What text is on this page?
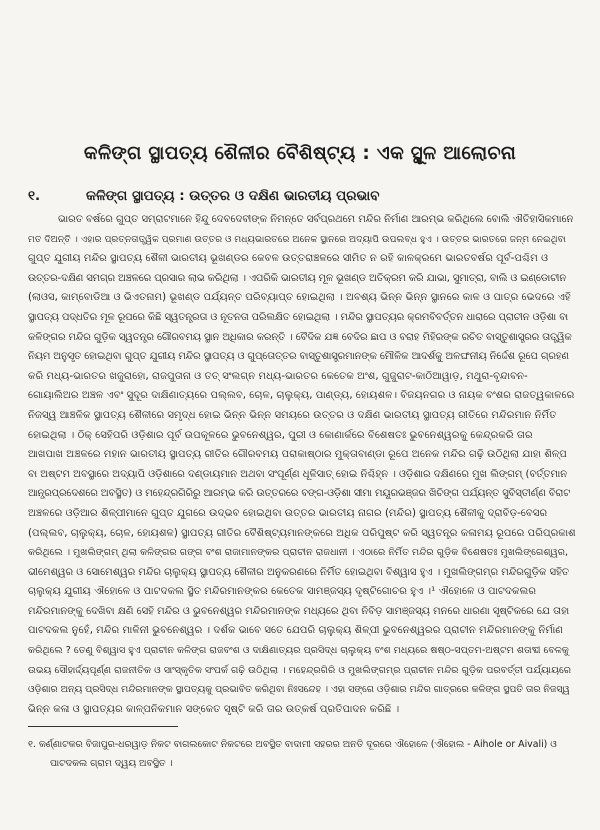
କଳିଙ୍ଗ ସ୍ଥାପତ୍ୟ ଶୈଳୀର ବୈଶିଷ୍ଟ୍ୟ : ଏକ ସ୍ଥୂଳ ଆଲୋଚନା
୧.	କଳିଙ୍ଗ ସ୍ଥାପତ୍ୟ : ଉତ୍ତର ଓ ଦକ୍ଷିଣ ଭାରତୀୟ ପ୍ରଭାବ
ଭାରତ ବର୍ଷରେ ଗୁପ୍ତ ସମ୍ରାଟମାନେ ହିନ୍ଦୁ ଦେବଦେବୀଙ୍କ ନିମନ୍ତେ ସର୍ବପ୍ରଥମେ ମନ୍ଦିର ନିର୍ମାଣ ଆରମ୍ଭ କରିଥିଲେ ବୋଲି ଐତିହାସିକମାନେ
ମତ ଦିଅନ୍ତି । ଏହାର ପ୍ରତ୍ନତାତ୍ତ୍ୱିକ ପ୍ରମାଣ ଉତ୍ତର ଓ ମଧ୍ୟଭାରତରେ ଅନେକ ସ୍ଥାନରେ ଅଦ୍ୟାପି ଉପଲବ୍ଧ ହୁଏ । ଉତ୍ତର ଭାରତରେ ଜନ୍ମ ନେଇଥିବା
ଗୁପ୍ତ ଯୁଗୀୟ ମନ୍ଦିର ସ୍ଥାପତ୍ୟ ଶୈଳୀ ଭାରତୀୟ ଭୂଖଣ୍ଡର କେବଳ ଉତ୍ତରାଞ୍ଚଳରେ ସୀମିତ ନ ରହି କାଳକ୍ରମେ ଭାରତବର୍ଷର ପୂର୍ବ-ପଶ୍ଚିମ ଓ
ଉତ୍ତର-ଦକ୍ଷିଣ ସମଗ୍ର ଅଞ୍ଚଳରେ ପ୍ରସାର ଲାଭ କରିଥିଲା । ଏପରିକି ଭାରତୀୟ ମୂଳ ଭୂଖଣ୍ଡ ଅତିକ୍ରମ କରି ଯାଭା, ସୁମାତ୍ରା, ବାଲି ଓ ଇଣ୍ଡୋଚୀନ
(ଲାଓସ, କାମ୍ବୋଡିଆ ଓ ଭିଏତନାମ) ଭୂଖଣ୍ଡ ପର୍ଯ୍ୟନ୍ତ ପରିବ୍ୟାପ୍ତ ହୋଇଥିଲା । ଅବଶ୍ୟ ଭିନ୍ନ ଭିନ୍ନ ସ୍ଥାନରେ କାଳ ଓ ପାତ୍ର ଭେଦରେ ଏହି
ସ୍ଥାପତ୍ୟ ପଦ୍ଧତିର ମୂଳ ରୂପରେ କିଛି ସ୍ୱତନ୍ତ୍ରତା ଓ ନୂତନତା ପରିଲକ୍ଷିତ ହୋଇଥିଲା । ମନ୍ଦିର ସ୍ଥାପତ୍ୟର କ୍ରମବିବର୍ତ୍ତନ ଧାରାରେ ପ୍ରାଚୀନ ଓଡ଼ିଶା ବା
କଳିଙ୍ଗର ମନ୍ଦିର ଗୁଡ଼ିକ ସ୍ୱତନ୍ତ୍ର ଗୌରବମୟ ସ୍ଥାନ ଅଧିକାର କରନ୍ତି । ବୈଦିକ ଯଜ୍ଞ ବେଦିର ଛାପ ଓ ବରାହ ମିହିରଙ୍କ ରଚିତ ବାସ୍ତୁଶାସ୍ତ୍ରର ତାତ୍ତ୍ୱିକ
ନିୟମ ଅନୁସୃତ ହୋଇଥିବା ଗୁପ୍ତ ଯୁଗୀୟ ମନ୍ଦିର ସ୍ଥାପତ୍ୟ ଓ ଗୁପ୍ତୋତ୍ତର ବାସ୍ତୁଶାସ୍ତ୍ରମାନଙ୍କ ମୌଳିକ ଆଦର୍ଶକୁ ଅଳଙ୍ଘନୀୟ ନିର୍ଦ୍ଦେଶ ରୂପେ ଗ୍ରହଣ
କରି ମଧ୍ୟ-ଭାରତର ଖଜୁରାହୋ, ରାଜପୁତାନା ଓ ତତ୍ ସଂଲଗ୍ନ ମଧ୍ୟ-ଭାରତର କେତେକ ଅଂଶ, ଗୁଜୁରାଟ-କାଠିଆୱାଡ଼, ମଥୁରା-ବୃନ୍ଦାବନ-
ଗୋୟାଲିଅର ଅଞ୍ଚଳ ଏବଂ ସୁଦୂର ଦାକ୍ଷିଣାତ୍ୟରେ ପଲ୍ଲବ, ଚୋଳ, ଚାଲୁକ୍ୟ, ପାଣ୍ଡ୍ୟ, ହୋୟଶଳ। ବିଜୟନଗର ଓ ନାୟକ ବଂଶର ରାଜତ୍ୱକାଳରେ
ନିଜସ୍ୱ ଆଞ୍ଚଳିକ ସ୍ଥାପତ୍ୟ ଶୈଳୀରେ ସମୃଦ୍ଧ ହୋଇ ଭିନ୍ନ ଭିନ୍ନ ସମୟରେ ଉତ୍ତର ଓ ଦକ୍ଷିଣ ଭାରତୀୟ ସ୍ଥାପତ୍ୟ ରୀତିରେ ମନ୍ଦିରମାନ ନିର୍ମିତ
ହୋଇଥିଲା । ଠିକ୍ ସେହିପରି ଓଡ଼ିଶାର ପୂର୍ବ ଉପକୂଳରେ ଭୁବନେଶ୍ୱର, ପୁରୀ ଓ କୋଣାର୍କରେ ବିଶେଷତଃ ଭୁବନେଶ୍ୱରକୁ କେନ୍ଦ୍ରକରି ତାର
ଆଖପାଖ ଅଞ୍ଚଳରେ ମହାନ ଭାରତୀୟ ସ୍ଥାପତ୍ୟ ରୀତିର ଗୌରବମୟ ପରାକାଷ୍ଠାର ମୁକ୍ତାବାଣ୍ଡା ରୂପେ ଅନେକ ମନ୍ଦିର ଗଢ଼ି ଉଠିଥିଲା ଯାହା ଶିଳ୍ପ
ବା ଅଷ୍ଟମ ଅବସ୍ଥାରେ ଅଦ୍ୟାପି ଓଡ଼ିଶାରେ ଦଣ୍ଡାୟମାନ ଅଥବା ସଂପୂର୍ଣ୍ଣ ଧୂଳିସାତ୍ ହୋଇ ନିଶ୍ଚିହ୍ନ । ଓଡ଼ିଶାର ଦକ୍ଷିଣରେ ମୁଖ ଲିଙ୍ଗମ୍ (ବର୍ତ୍ତମାନ
ଆନ୍ଧ୍ରପ୍ରଦେଶରେ ଅବସ୍ଥିତ) ଓ ମହେନ୍ଦ୍ରଗିରିରୁ ଆରମ୍ଭ କରି ଉତ୍ତରରେ ବଙ୍ଗ-ଓଡ଼ିଶା ସୀମା ମୟୂରଭଞ୍ଜର ଖିଚିଙ୍ଗ ପର୍ଯ୍ୟନ୍ତ ସୁବିସ୍ତୀର୍ଣ୍ଣ ବିରାଟ
ଅଞ୍ଚଳରେ ଓଡ଼ିଆର ଶିଳ୍ପୀମାନେ ଗୁପ୍ତ ଯୁଗରେ ଉଦ୍ଭବ ହୋଇଥିବା ଉତ୍ତର ଭାରତୀୟ ନାଗର (ମନ୍ଦିର) ସ୍ଥାପତ୍ୟ ଶୈଳୀକୁ ଦ୍ରାବିଡ଼-ବେସର
(ପଲ୍ଲବ, ଚାଲୁକ୍ୟ, ଚୋଳ, ହୋୟଶଳ) ସ୍ଥାପତ୍ୟ ରୀତିର ବୈଶିଷ୍ଟ୍ୟମାନଙ୍କରେ ଅଧିକ ପରିପୁଷ୍ଟ କରି ସ୍ୱତନ୍ତ୍ର କଳାମୟ ରୂପରେ ପରିପ୍ରକାଶ
କରିଥିଲେ । ମୁଖଲିଙ୍ଗମ୍ ଥିଲା କଳିଙ୍ଗର ଗଙ୍ଗ ବଂଶ ରାଜାମାନଙ୍କର ପ୍ରାଚୀନ ରାଜଧାନୀ । ଏଠାରେ ନିର୍ମିତ ମନ୍ଦିର ଗୁଡ଼ିକ ବିଶେଷତଃ ମୁଖଲିଙ୍ଗେଶ୍ୱର,
ଭୀମେଶ୍ୱର ଓ ସୋମେଶ୍ୱର ମନ୍ଦିର ଚାଲୁକ୍ୟ ସ୍ଥାପତ୍ୟ ଶୈଳୀର ଅନୁକରଣରେ ନିର୍ମିତ ହୋଇଥିବା ବିଶ୍ୱାସ ହୁଏ । ମୁଖଲିଙ୍ଗମ୍ର ମନ୍ଦିରଗୁଡ଼ିକ ସହିତ
ଚାଲୁକ୍ୟ ଯୁଗୀୟ ଐହୋଳେ ଓ ପାଟଦକଲ ସ୍ଥିତ ମନ୍ଦିରମାନଙ୍କର କେତେକ ସାମଞ୍ଜସ୍ୟ ଦୃଷ୍ଟିଗୋଚର ହୁଏ ।¹ ଐହୋଳେ ଓ ପାଟଦକଲର
ମନ୍ଦିରମାନଙ୍କୁ ଦେଖିବା କ୍ଷଣି ସେହି ମନ୍ଦିର ଓ ଭୁବନେଶ୍ୱର ମନ୍ଦିରମାନଙ୍କ ମଧ୍ୟରେ ଥିବା ନିବିଡ଼ ସାମଞ୍ଜସ୍ୟ ମନରେ ଧାରଣା ସୃଷ୍ଟିକରେ ଯେ ତାହା
ପାଟଦକଲ ନୁହେଁ, ମନ୍ଦିର ମାଳିନୀ ଭୁବନେଶ୍ୱର । ଦର୍ଶକ ଭାବେ ସତେ ଯେପରି ଚାଲୁକ୍ୟ ଶିଳ୍ପୀ ଭୁବନେଶ୍ୱରର ପ୍ରାଚୀନ ମନ୍ଦିରମାନଙ୍କୁ ନିର୍ମାଣ
କରିଥିଲେ ? ତେଣୁ ବିଶ୍ୱାସ ହୁଏ ପ୍ରାଚୀନ କଳିଙ୍ଗ ରାଜବଂଶ ଓ ଦାକ୍ଷିଣାତ୍ୟର ପ୍ରସିଦ୍ଧ ଚାଲୁକ୍ୟ ବଂଶ ମଧ୍ୟରେ ଷଷ୍ଠ-ସପ୍ତମ-ଅଷ୍ଟମ ଶତାବ୍ଦୀ ବେଳକୁ
ଉଭୟ ସୌହାର୍ଦ୍ଦ୍ୟପୂର୍ଣ୍ଣ ରାଜନୀତିକ ଓ ସାଂସ୍କୃତିକ ସଂପର୍କ ଗଢ଼ି ଉଠିଥିଲା । ମହେନ୍ଦ୍ରଗିରି ଓ ମୁଖଲିଙ୍ଗମ୍ର ପ୍ରାଚୀନ ମନ୍ଦିର ଗୁଡ଼ିକ ପରବର୍ତ୍ତୀ ପର୍ଯ୍ୟାୟରେ
ଓଡ଼ିଶାର ଅନ୍ୟ ପ୍ରସିଦ୍ଧ ମନ୍ଦିରମାନଙ୍କ ସ୍ଥାପତ୍ୟକୁ ପ୍ରଭାବିତ କରିଥିବା ନିଃସନ୍ଦେହ । ଏହା ସଙ୍ଗେ ଓଡ଼ିଶାର ମନ୍ଦିର ଗାତ୍ରରେ କଳିଙ୍ଗ ସ୍ଥପତି ତାର ନିଜସ୍ୱ
ଭିନ୍ନ କଳା ଓ ସ୍ଥାପତ୍ୟର କାଳ୍ପନିକମାନ ସଙ୍କେତ ସୃଷ୍ଟି କରି ତାର ଉତ୍କର୍ଷ ପ୍ରତିପାଦନ କରିଛି ।
୧. କର୍ଣ୍ଣାଟକର ବିଜାପୁର-ଧରୱାଡ଼ ନିକଟ ବାଗଲକୋଟ ନିକଟରେ ଅବସ୍ଥିତ ବାଦାମୀ ସହରର ଅନତି ଦୂରରେ ଐହୋଳେ (ଐହୋଲ - Aihole or Aivali) ଓ
ପାଟଦକଲ ଗ୍ରାମ ଦ୍ୱୟ ଅବସ୍ଥିତ ।
